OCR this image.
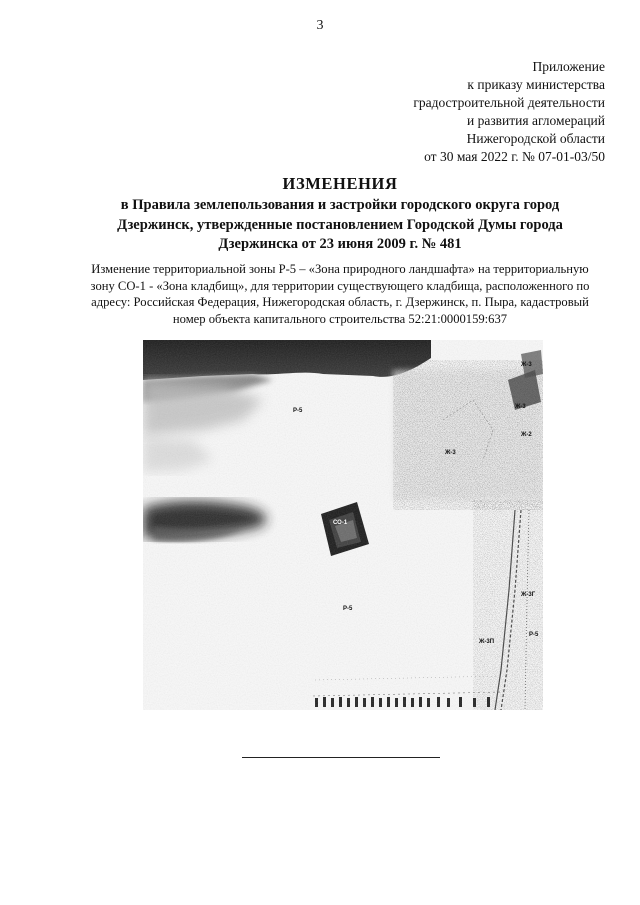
3
Приложение
к приказу министерства
градостроительной деятельности
и развития агломераций
Нижегородской области
от 30 мая 2022 г. № 07-01-03/50
ИЗМЕНЕНИЯ
в Правила землепользования и застройки городского округа город
Дзержинск, утвержденные постановлением Городской Думы города
Дзержинска от 23 июня 2009 г. № 481
Изменение территориальной зоны Р-5 – «Зона природного ландшафта» на территориальную
зону СО-1 - «Зона кладбищ», для территории существующего кладбища, расположенного по
адресу: Российская Федерация, Нижегородская область, г. Дзержинск, п. Пыра, кадастровый
номер объекта капитального строительства 52:21:0000159:637
Р-5
Р-5
СО-1
Ж-3
Ж-3
Ж-2
Ж-3
Ж-3Г
Ж-3П
Р-5
